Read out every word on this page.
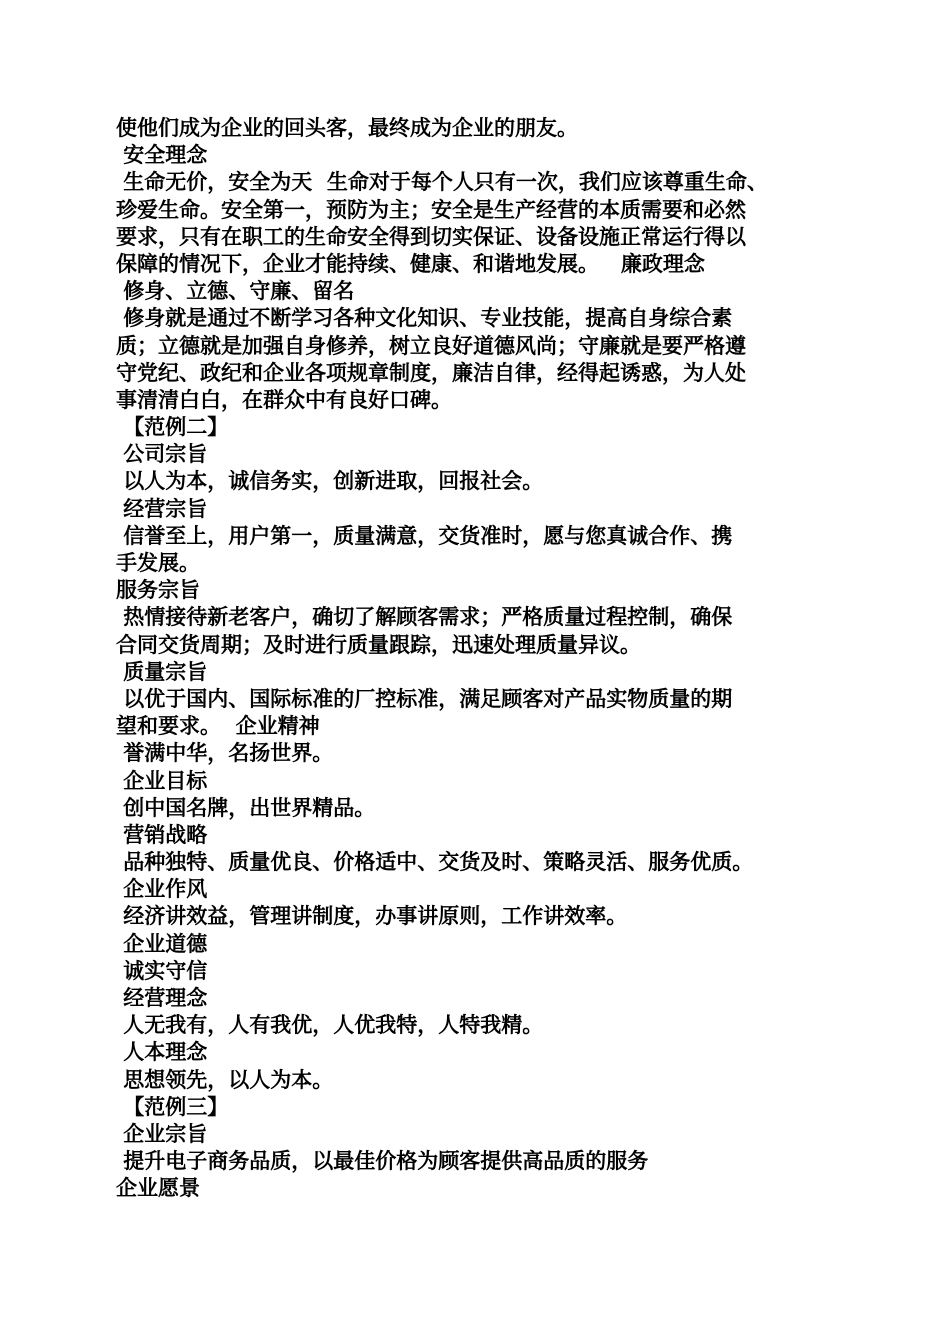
使他们成为企业的回头客，最终成为企业的朋友。
安全理念
生命无价，安全为天  生命对于每个人只有一次，我们应该尊重生命、
珍爱生命。安全第一，预防为主；安全是生产经营的本质需要和必然
要求，只有在职工的生命安全得到切实保证、设备设施正常运行得以
保障的情况下，企业才能持续、健康、和谐地发展。   廉政理念
修身、立德、守廉、留名
修身就是通过不断学习各种文化知识、专业技能，提高自身综合素
质；立德就是加强自身修养，树立良好道德风尚；守廉就是要严格遵
守党纪、政纪和企业各项规章制度，廉洁自律，经得起诱惑，为人处
事清清白白，在群众中有良好口碑。
【范例二】
公司宗旨
以人为本，诚信务实，创新进取，回报社会。
经营宗旨
信誉至上，用户第一，质量满意，交货准时，愿与您真诚合作、携
手发展。
服务宗旨
热情接待新老客户，确切了解顾客需求；严格质量过程控制，确保
合同交货周期；及时进行质量跟踪，迅速处理质量异议。
质量宗旨
以优于国内、国际标准的厂控标准，满足顾客对产品实物质量的期
望和要求。  企业精神
誉满中华，名扬世界。
企业目标
创中国名牌，出世界精品。
营销战略
品种独特、质量优良、价格适中、交货及时、策略灵活、服务优质。
企业作风
经济讲效益，管理讲制度，办事讲原则，工作讲效率。
企业道德
诚实守信
经营理念
人无我有，人有我优，人优我特，人特我精。
人本理念
思想领先，以人为本。
【范例三】
企业宗旨
提升电子商务品质，以最佳价格为顾客提供高品质的服务
企业愿景
